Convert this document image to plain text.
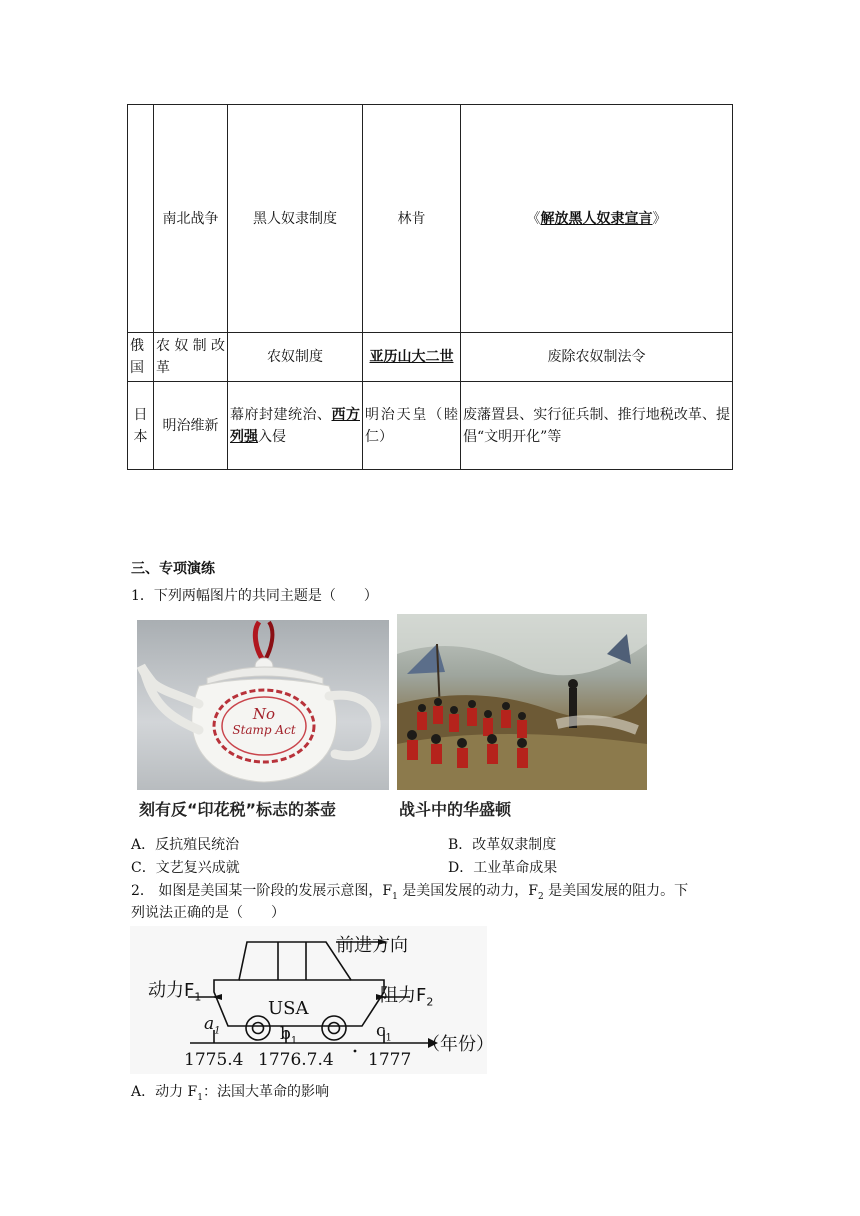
	南北战争	黑人奴隶制度	林肯	《解放黑人奴隶宣言》
俄国	农奴制改革	农奴制度	亚历山大二世	废除农奴制法令
日本	明治维新	幕府封建统治、西方列强入侵	明治天皇（睦仁）	废藩置县、实行征兵制、推行地税改革、提倡“文明开化”等
三、专项演练
1．下列两幅图片的共同主题是（　　）
No
Stamp Act
刻有反“印花税”标志的茶壶	战斗中的华盛顿
A．反抗殖民统治	B．改革奴隶制度
C．文艺复兴成就	D．工业革命成果
2． 如图是美国某一阶段的发展示意图，$F_1$ 是美国发展的动力，$F_2$ 是美国发展的阻力。下
列说法正确的是（　　）
前进方向
动力$F_1$	阻力$F_2$
USA
$a_1$	$b_1$	$c_1$ （年份）
1775.4 1776.7.4 1777
A．动力 $F_1$：法国大革命的影响
